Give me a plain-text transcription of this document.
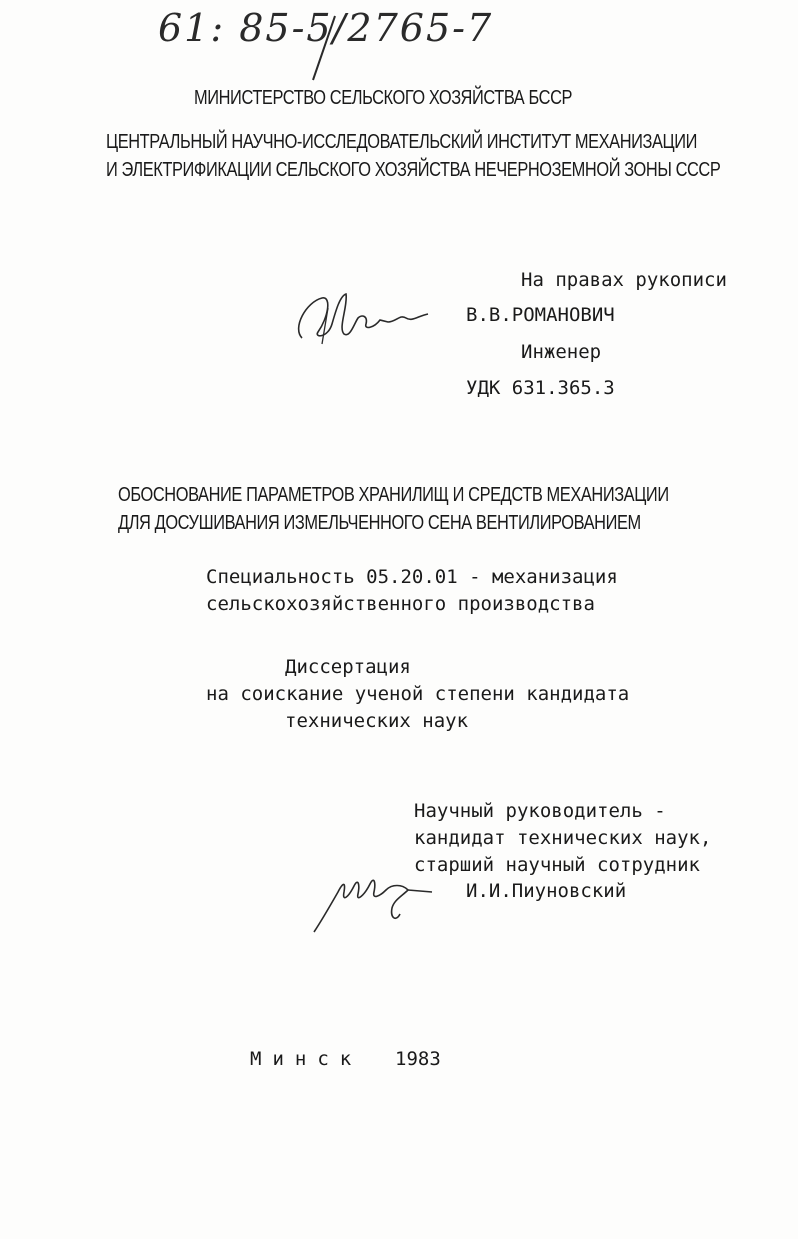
61: 85-5/2765-7
МИНИСТЕРСТВО СЕЛЬСКОГО ХОЗЯЙСТВА БССР
ЦЕНТРАЛЬНЫЙ НАУЧНО-ИССЛЕДОВАТЕЛЬСКИЙ ИНСТИТУТ МЕХАНИЗАЦИИ
И ЭЛЕКТРИФИКАЦИИ СЕЛЬСКОГО ХОЗЯЙСТВА НЕЧЕРНОЗЕМНОЙ ЗОНЫ СССР
На правах рукописи
В.В.РОМАНОВИЧ
Инженер
УДК 631.365.3
ОБОСНОВАНИЕ ПАРАМЕТРОВ ХРАНИЛИЩ И СРЕДСТВ МЕХАНИЗАЦИИ
ДЛЯ ДОСУШИВАНИЯ ИЗМЕЛЬЧЕННОГО СЕНА ВЕНТИЛИРОВАНИЕМ
Специальность 05.20.01 - механизация
сельскохозяйственного производства
Диссертация
на соискание ученой степени кандидата
технических наук
Научный руководитель -
кандидат технических наук,
старший научный сотрудник
И.И.Пиуновский
Минск 1983
